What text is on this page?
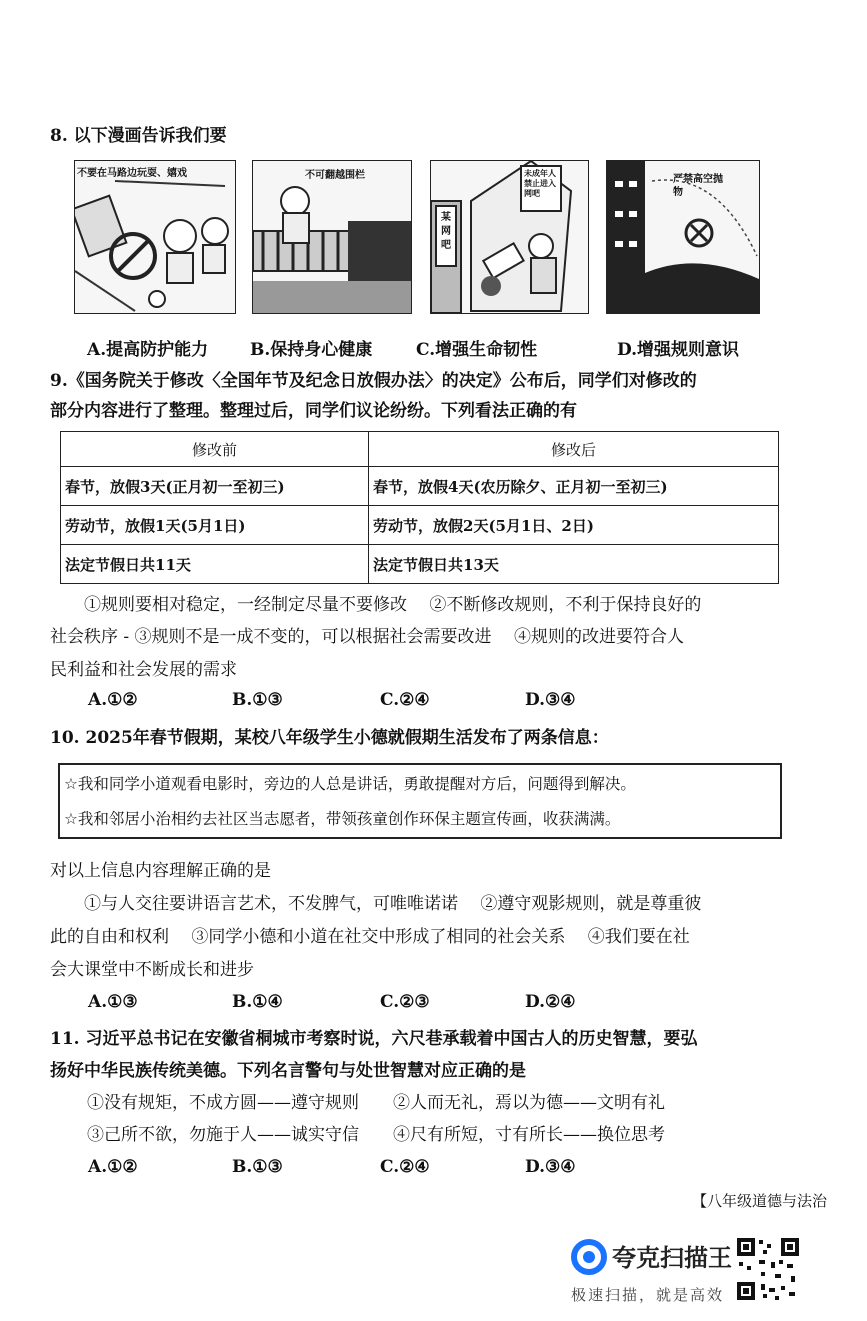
8. 以下漫画告诉我们要
不要在马路边玩耍、嬉戏	不可翻越围栏
某网吧
未成年人禁止进入网吧
严禁高空抛物
A.提高防护能力 B.保持身心健康	C.增强生命韧性	D.增强规则意识
9.《国务院关于修改〈全国年节及纪念日放假办法〉的决定》公布后，同学们对修改的
部分内容进行了整理。整理过后，同学们议论纷纷。下列看法正确的有
修改前	修改后
春节，放假3天(正月初一至初三)	春节，放假4天(农历除夕、正月初一至初三)
劳动节，放假1天(5月1日)	劳动节，放假2天(5月1日、2日)
法定节假日共11天	法定节假日共13天
①规则要相对稳定，一经制定尽量不要修改　 ②不断修改规则，不利于保持良好的
社会秩序 - ③规则不是一成不变的，可以根据社会需要改进　 ④规则的改进要符合人
民利益和社会发展的需求
A.①②	B.①③	C.②④	D.③④
10. 2025年春节假期，某校八年级学生小德就假期生活发布了两条信息：
☆我和同学小道观看电影时，旁边的人总是讲话，勇敢提醒对方后，问题得到解决。
☆我和邻居小治相约去社区当志愿者，带领孩童创作环保主题宣传画，收获满满。
对以上信息内容理解正确的是
①与人交往要讲语言艺术，不发脾气，可唯唯诺诺　 ②遵守观影规则，就是尊重彼
此的自由和权利　 ③同学小德和小道在社交中形成了相同的社会关系　 ④我们要在社
会大课堂中不断成长和进步
A.①③	B.①④	C.②③	D.②④
11. 习近平总书记在安徽省桐城市考察时说，六尺巷承载着中国古人的历史智慧，要弘
扬好中华民族传统美德。下列名言警句与处世智慧对应正确的是
①没有规矩，不成方圆——遵守规则　　②人而无礼，焉以为德——文明有礼
③己所不欲，勿施于人——诚实守信　　④尺有所短，寸有所长——换位思考
A.①②	B.①③	C.②④	D.③④
【八年级道德与法治
夸克扫描王
极速扫描，就是高效
